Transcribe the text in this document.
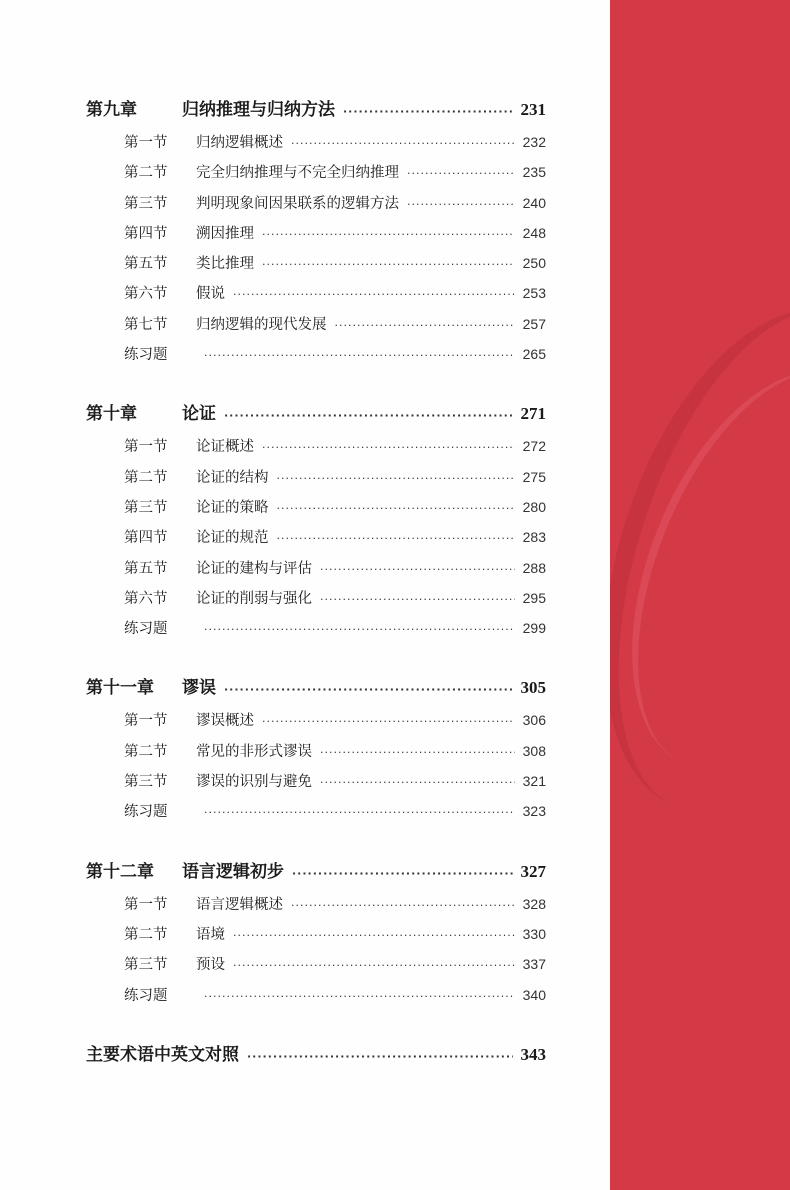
第九章	归纳推理与归纳方法 ·····	231
第一节	归纳逻辑概述 ·····	232
第二节	完全归纳推理与不完全归纳推理 ·····	235
第三节	判明现象间因果联系的逻辑方法 ·····	240
第四节	溯因推理 ·····	248
第五节	类比推理 ·····	250
第六节	假说 ·····	253
第七节	归纳逻辑的现代发展 ·····	257
练习题 ·····	265
第十章	论证 ·····	271
第一节	论证概述 ·····	272
第二节	论证的结构 ·····	275
第三节	论证的策略 ·····	280
第四节	论证的规范 ·····	283
第五节	论证的建构与评估 ·····	288
第六节	论证的削弱与强化 ·····	295
练习题 ·····	299
第十一章	谬误 ·····	305
第一节	谬误概述 ·····	306
第二节	常见的非形式谬误 ·····	308
第三节	谬误的识别与避免 ·····	321
练习题 ·····	323
第十二章	语言逻辑初步 ·····	327
第一节	语言逻辑概述 ·····	328
第二节	语境 ·····	330
第三节	预设 ·····	337
练习题 ·····	340
主要术语中英文对照 ·····	343
